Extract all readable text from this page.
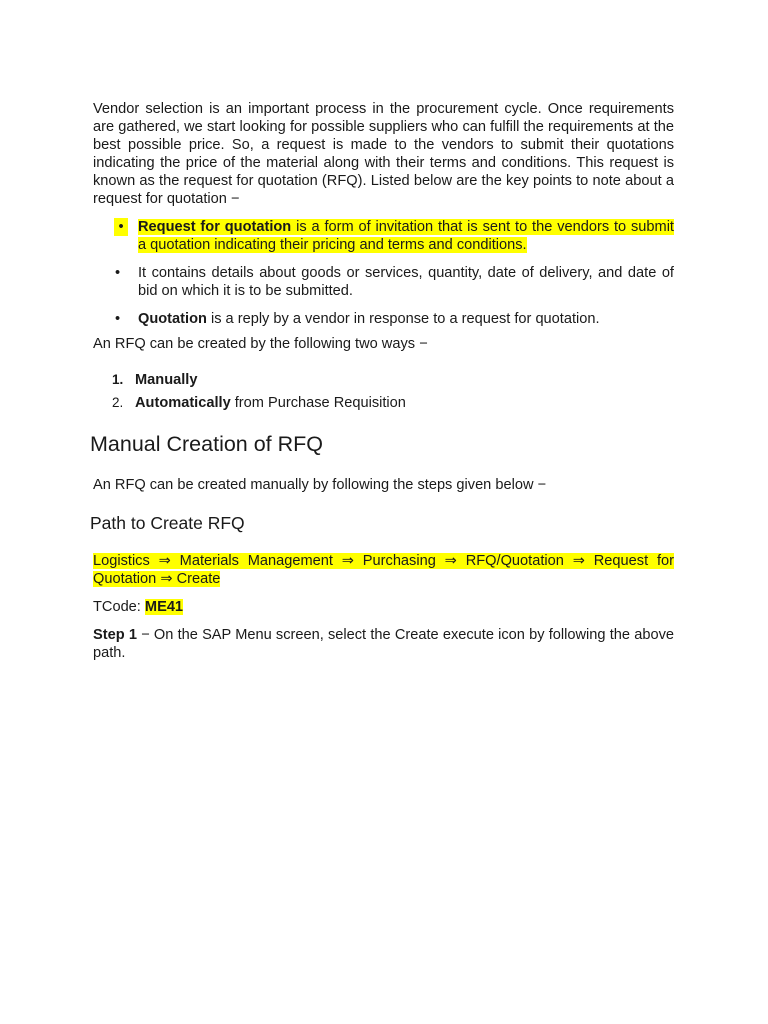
Vendor selection is an important process in the procurement cycle. Once requirements are gathered, we start looking for possible suppliers who can fulfill the requirements at the best possible price. So, a request is made to the vendors to submit their quotations indicating the price of the material along with their terms and conditions. This request is known as the request for quotation (RFQ). Listed below are the key points to note about a request for quotation −

• Request for quotation is a form of invitation that is sent to the vendors to submit a quotation indicating their pricing and terms and conditions.
•	It contains details about goods or services, quantity, date of delivery, and date of bid on which it is to be submitted.
•	Quotation is a reply by a vendor in response to a request for quotation.

An RFQ can be created by the following two ways −

1. Manually
2. Automatically from Purchase Requisition
Manual Creation of RFQ

An RFQ can be created manually by following the steps given below −

Path to Create RFQ

Logistics ⇒ Materials Management ⇒ Purchasing ⇒ RFQ/Quotation ⇒ Request for Quotation ⇒ Create

TCode: ME41

Step 1 − On the SAP Menu screen, select the Create execute icon by following the above path.
